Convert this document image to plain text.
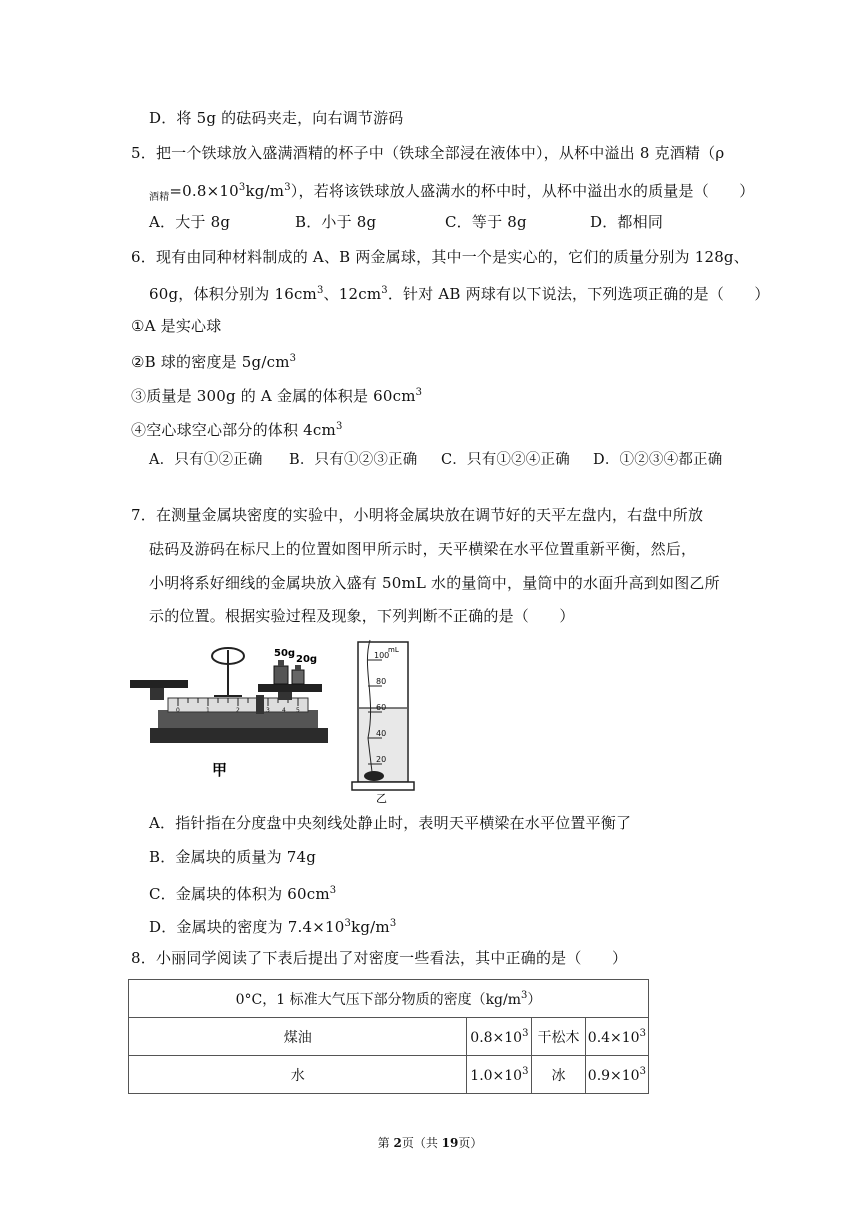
D．将 5g 的砝码夹走，向右调节游码
5．把一个铁球放入盛满酒精的杯子中（铁球全部浸在液体中），从杯中溢出 8 克酒精（ρ
$_{酒精}=0.8\times 10^3kg/m^3$），若将该铁球放人盛满水的杯中时，从杯中溢出水的质量是（　　）
A．大于 8g	B．小于 8g	C．等于 8g	D．都相同
6．现有由同种材料制成的 A、B 两金属球，其中一个是实心的，它们的质量分别为 128g、
60g，体积分别为 $16cm^3$、$12cm^3$．针对 AB 两球有以下说法，下列选项正确的是（　　）
①A 是实心球
②B 球的密度是 $5g/cm^3$
③质量是 300g 的 A 金属的体积是 $60cm^3$
④空心球空心部分的体积 $4cm^3$
A．只有①②正确 B．只有①②③正确 C．只有①②④正确 D．①②③④都正确
7．在测量金属块密度的实验中，小明将金属块放在调节好的天平左盘内，右盘中所放
砝码及游码在标尺上的位置如图甲所示时，天平横梁在水平位置重新平衡，然后，
小明将系好细线的金属块放入盛有 50mL 水的量筒中，量筒中的水面升高到如图乙所
示的位置。根据实验过程及现象，下列判断不正确的是（　　）
0	1	2	3 4 5
50g
20g
甲
mL
100
80
60
40
20
乙
A．指针指在分度盘中央刻线处静止时，表明天平横梁在水平位置平衡了
B．金属块的质量为 74g
C．金属块的体积为 $60cm^3$
D．金属块的密度为 $7.4\times 10^3kg/m^3$
8．小丽同学阅读了下表后提出了对密度一些看法，其中正确的是（　　）
0°C，1 标准大气压下部分物质的密度$(kg/m^3)$			
煤油	$0.8\times 10^3$	干松木	$0.4\times 10^3$
水	$1.0\times 10^3$	冰	$0.9\times 10^3$
第 2页（共 19页）
